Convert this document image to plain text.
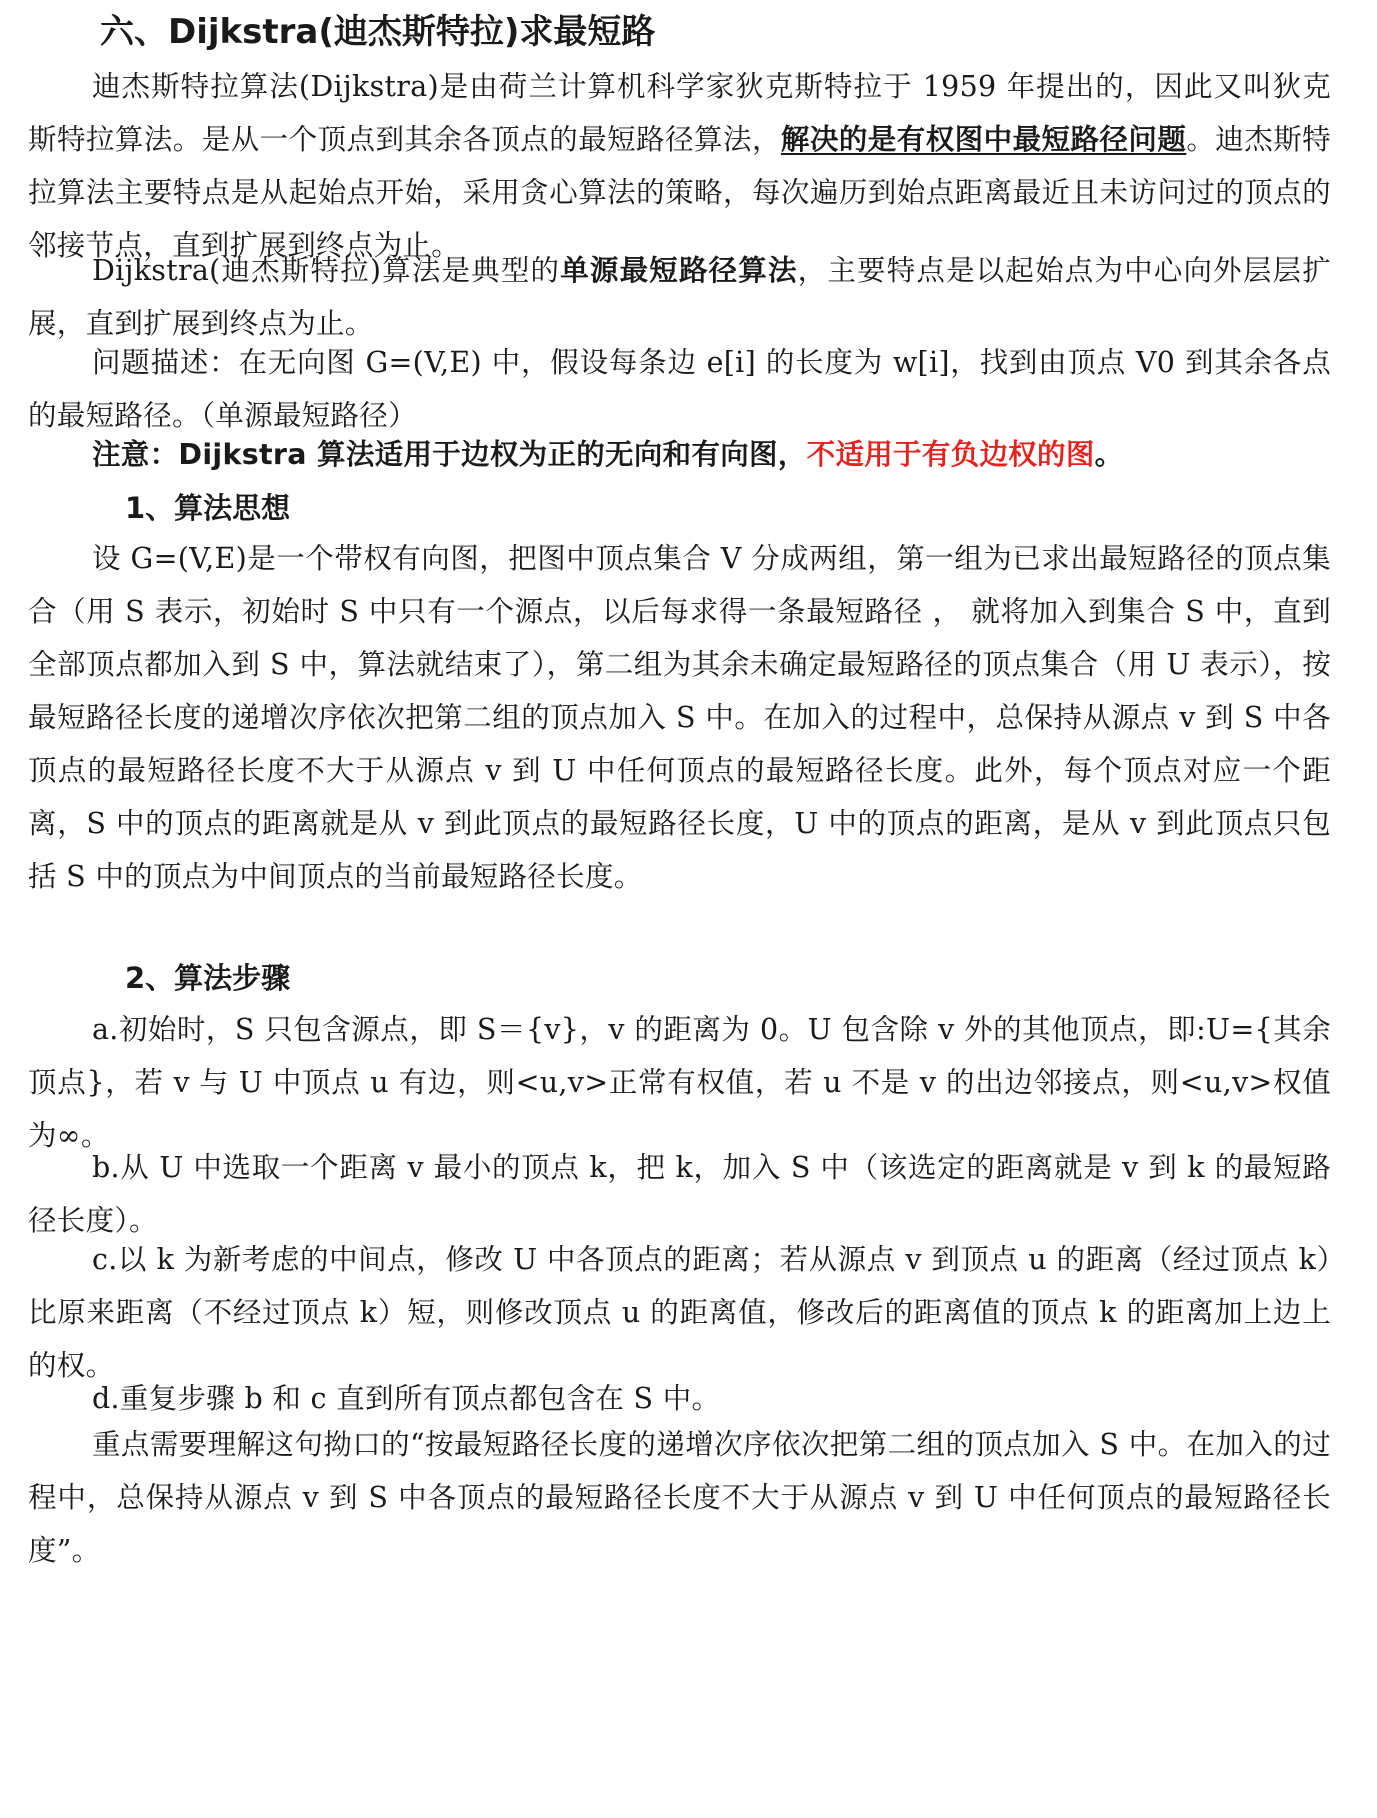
六、Dijkstra(迪杰斯特拉)求最短路
迪杰斯特拉算法(Dijkstra)是由荷兰计算机科学家狄克斯特拉于 1959 年提出的，因此又叫狄克斯特拉算法。是从一个顶点到其余各顶点的最短路径算法，解决的是有权图中最短路径问题。迪杰斯特拉算法主要特点是从起始点开始，采用贪心算法的策略，每次遍历到始点距离最近且未访问过的顶点的邻接节点，直到扩展到终点为止。
Dijkstra(迪杰斯特拉)算法是典型的单源最短路径算法，主要特点是以起始点为中心向外层层扩展，直到扩展到终点为止。
问题描述：在无向图 G=(V,E) 中，假设每条边 e[i] 的长度为 w[i]，找到由顶点 V0 到其余各点的最短路径。（单源最短路径）
注意：Dijkstra 算法适用于边权为正的无向和有向图，不适用于有负边权的图。
1、算法思想
设 G=(V,E)是一个带权有向图，把图中顶点集合 V 分成两组，第一组为已求出最短路径的顶点集合（用 S 表示，初始时 S 中只有一个源点，以后每求得一条最短路径 ， 就将加入到集合 S 中，直到全部顶点都加入到 S 中，算法就结束了），第二组为其余未确定最短路径的顶点集合（用 U 表示），按最短路径长度的递增次序依次把第二组的顶点加入 S 中。在加入的过程中，总保持从源点 v 到 S 中各顶点的最短路径长度不大于从源点 v 到 U 中任何顶点的最短路径长度。此外，每个顶点对应一个距离，S 中的顶点的距离就是从 v 到此顶点的最短路径长度，U 中的顶点的距离，是从 v 到此顶点只包括 S 中的顶点为中间顶点的当前最短路径长度。
2、算法步骤
a.初始时，S 只包含源点，即 S＝{v}，v 的距离为 0。U 包含除 v 外的其他顶点，即:U={其余顶点}，若 v 与 U 中顶点 u 有边，则<u,v>正常有权值，若 u 不是 v 的出边邻接点，则<u,v>权值为∞。
b.从 U 中选取一个距离 v 最小的顶点 k，把 k，加入 S 中（该选定的距离就是 v 到 k 的最短路径长度）。
c.以 k 为新考虑的中间点，修改 U 中各顶点的距离；若从源点 v 到顶点 u 的距离（经过顶点 k）比原来距离（不经过顶点 k）短，则修改顶点 u 的距离值，修改后的距离值的顶点 k 的距离加上边上的权。
d.重复步骤 b 和 c 直到所有顶点都包含在 S 中。
重点需要理解这句拗口的“按最短路径长度的递增次序依次把第二组的顶点加入 S 中。在加入的过程中，总保持从源点 v 到 S 中各顶点的最短路径长度不大于从源点 v 到 U 中任何顶点的最短路径长度”。
